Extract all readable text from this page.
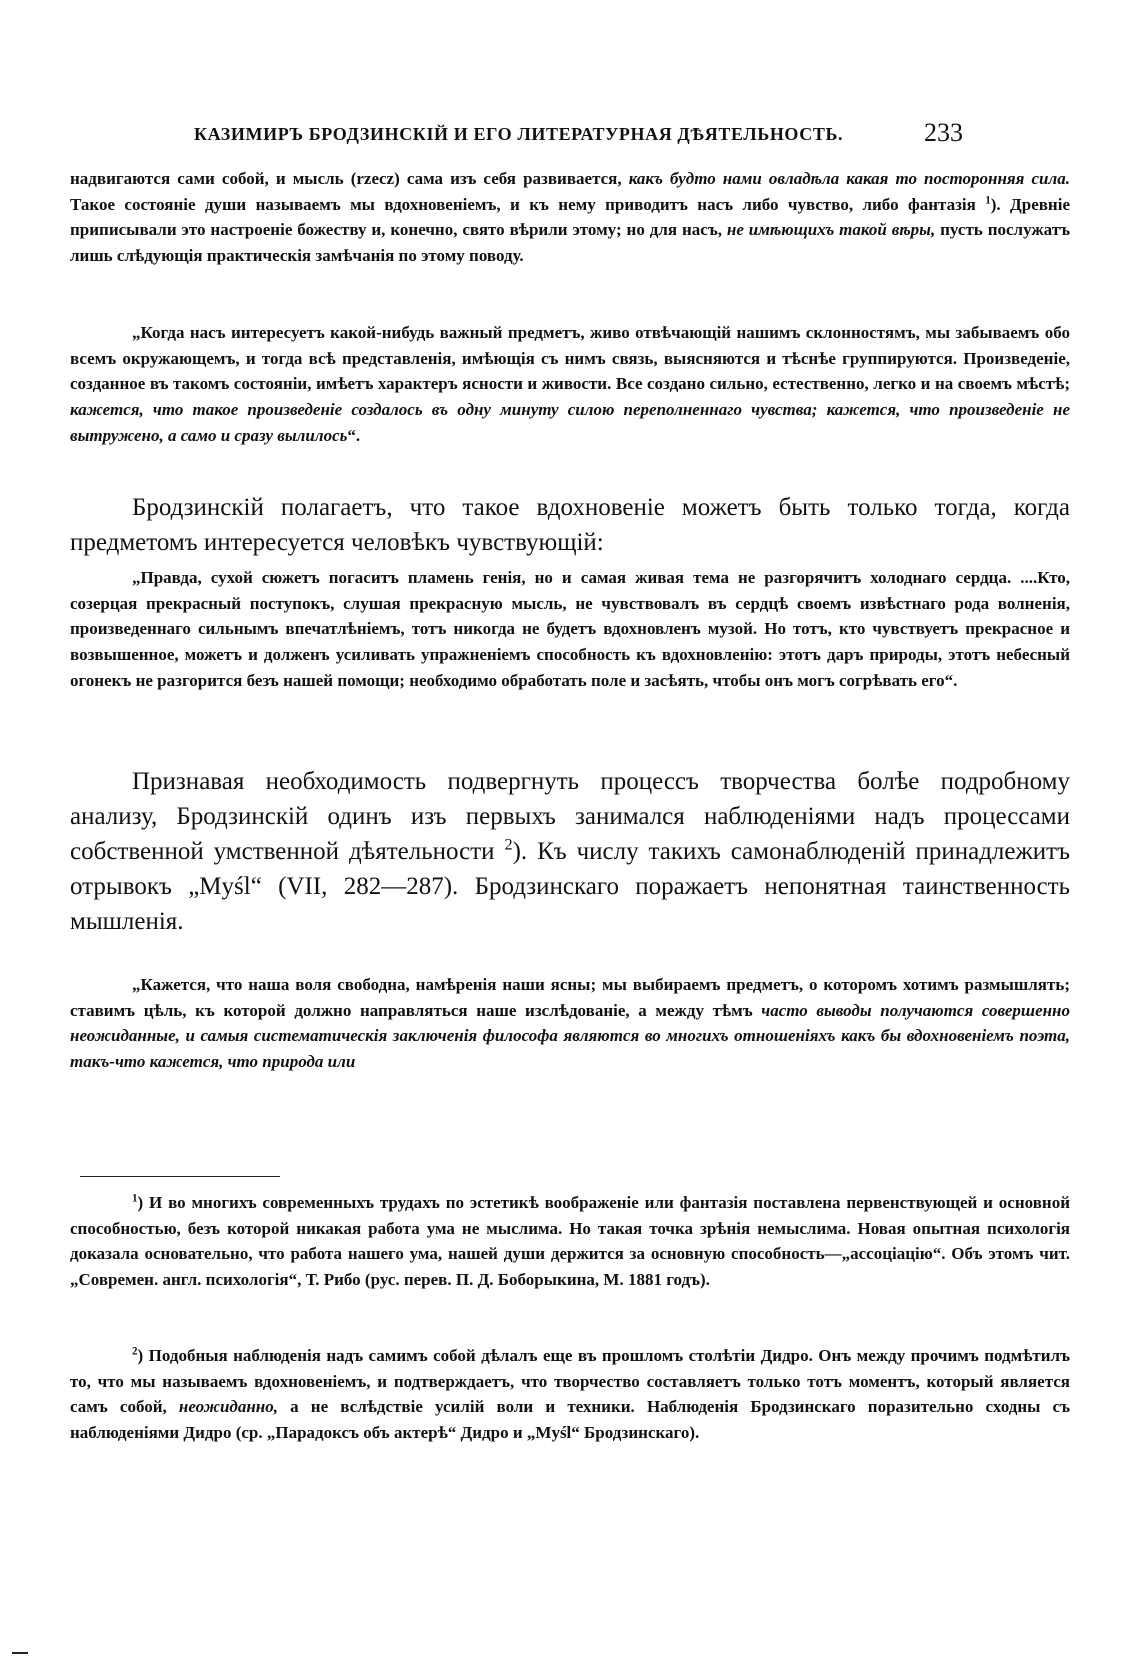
КАЗИМИРЪ БРОДЗИНСКІЙ И ЕГО ЛИТЕРАТУРНАЯ ДѢЯТЕЛЬНОСТЬ.	233

надвигаются сами собой, и мысль (rzecz) сама изъ себя развивается, какъ будто нами овладѣла какая то посторонняя сила. Такое состояніе души называемъ мы вдохновеніемъ, и къ нему приводитъ насъ либо чувство, либо фантазія $^1$). Древніе приписывали это настроеніе божеству и, конечно, свято вѣрили этому; но для насъ, не имѣющихъ такой вѣры, пусть послужатъ лишь слѣдующія практическія замѣчанія по этому поводу.

„Когда насъ интересуетъ какой-нибудь важный предметъ, живо отвѣчающій нашимъ склонностямъ, мы забываемъ обо всемъ окружающемъ, и тогда всѣ представленія, имѣющія съ нимъ связь, выясняются и тѣснѣе группируются. Произведеніе, созданное въ такомъ состояніи, имѣетъ характеръ ясности и живости. Все создано сильно, естественно, легко и на своемъ мѣстѣ; кажется, что такое произведеніе создалось въ одну минуту силою переполненнаго чувства; кажется, что произведеніе не вытружено, а само и сразу вылилось“.

Бродзинскій полагаетъ, что такое вдохновеніе можетъ быть только тогда, когда предметомъ интересуется человѣкъ чувствующій:

„Правда, сухой сюжетъ погаситъ пламень генія, но и самая живая тема не разгорячитъ холоднаго сердца. ....Кто, созерцая прекрасный поступокъ, слушая прекрасную мысль, не чувствовалъ въ сердцѣ своемъ извѣстнаго рода волненія, произведеннаго сильнымъ впечатлѣніемъ, тотъ никогда не будетъ вдохновленъ музой. Но тотъ, кто чувствуетъ прекрасное и возвышенное, можетъ и долженъ усиливать упражненіемъ способность къ вдохновленію: этотъ даръ природы, этотъ небесный огонекъ не разгорится безъ нашей помощи; необходимо обработать поле и засѣять, чтобы онъ могъ согрѣвать его“.

Признавая необходимость подвергнуть процессъ творчества болѣе подробному анализу, Бродзинскій одинъ изъ первыхъ занимался наблюденіями надъ процессами собственной умственной дѣятельности $^2$). Къ числу такихъ самонаблюденій принадлежитъ отрывокъ „Myśl“ (VII, 282—287). Бродзинскаго поражаетъ непонятная таинственность мышленія.

„Кажется, что наша воля свободна, намѣренія наши ясны; мы выбираемъ предметъ, о которомъ хотимъ размышлять; ставимъ цѣль, къ которой должно направляться наше изслѣдованіе, а между тѣмъ часто выводы получаются совершенно неожиданные, и самыя систематическія заключенія философа являются во многихъ отношеніяхъ какъ бы вдохновеніемъ поэта, такъ-что кажется, что природа или

$^1$) И во многихъ современныхъ трудахъ по эстетикѣ воображеніе или фантазія поставлена первенствующей и основной способностью, безъ которой никакая работа ума не мыслима. Но такая точка зрѣнія немыслима. Новая опытная психологія доказала основательно, что работа нашего ума, нашей души держится за основную способность—„ассоціацію“. Объ этомъ чит. „Современ. англ. психологія“, Т. Рибо (рус. перев. П. Д. Боборыкина, М. 1881 годъ).

$^2$) Подобныя наблюденія надъ самимъ собой дѣлалъ еще въ прошломъ столѣтіи Дидро. Онъ между прочимъ подмѣтилъ то, что мы называемъ вдохновеніемъ, и подтверждаетъ, что творчество составляетъ только тотъ моментъ, который является самъ собой, неожиданно, а не вслѣдствіе усилій воли и техники. Наблюденія Бродзинскаго поразительно сходны съ наблюденіями Дидро (ср. „Парадоксъ объ актерѣ“ Дидро и „Myśl“ Бродзинскаго).
